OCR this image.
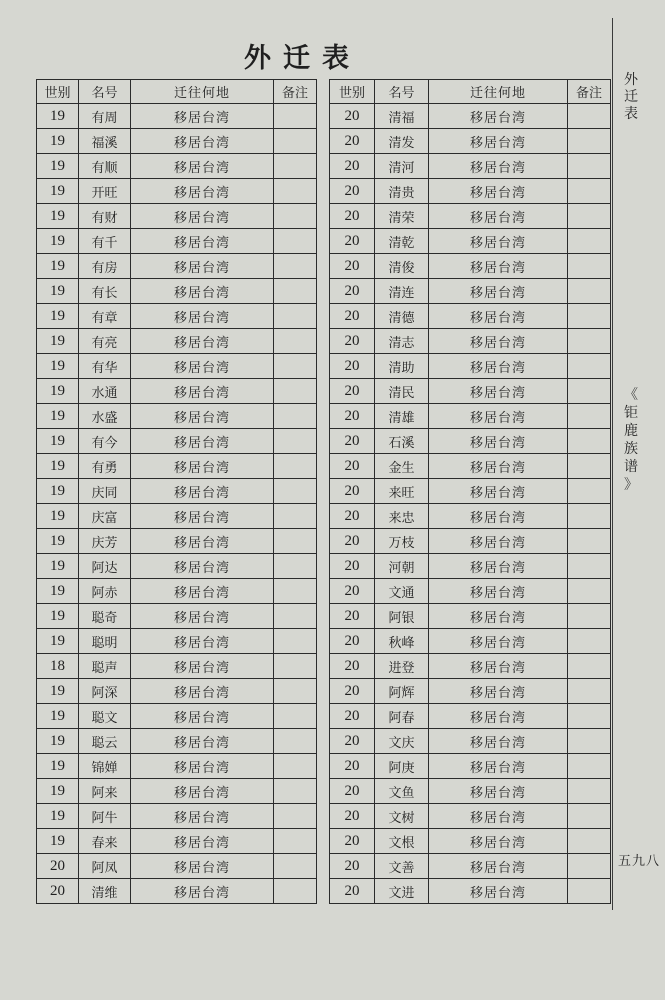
外迁表
世别	名号	迁往何地	备注
19	有周	移居台湾	
19	福溪	移居台湾	
19	有顺	移居台湾	
19	开旺	移居台湾	
19	有财	移居台湾	
19	有千	移居台湾	
19	有房	移居台湾	
19	有长	移居台湾	
19	有章	移居台湾	
19	有亮	移居台湾	
19	有华	移居台湾	
19	水通	移居台湾	
19	水盛	移居台湾	
19	有今	移居台湾	
19	有勇	移居台湾	
19	庆同	移居台湾	
19	庆富	移居台湾	
19	庆芳	移居台湾	
19	阿达	移居台湾	
19	阿赤	移居台湾	
19	聪奇	移居台湾	
19	聪明	移居台湾	
18	聪声	移居台湾	
19	阿深	移居台湾	
19	聪文	移居台湾	
19	聪云	移居台湾	
19	锦婵	移居台湾	
19	阿来	移居台湾	
19	阿牛	移居台湾	
19	春来	移居台湾	
20	阿凤	移居台湾	
20	清维	移居台湾	
世别	名号	迁往何地	备注
20	清福	移居台湾	
20	清发	移居台湾	
20	清河	移居台湾	
20	清贵	移居台湾	
20	清荣	移居台湾	
20	清乾	移居台湾	
20	清俊	移居台湾	
20	清连	移居台湾	
20	清德	移居台湾	
20	清志	移居台湾	
20	清助	移居台湾	
20	清民	移居台湾	
20	清雄	移居台湾	
20	石溪	移居台湾	
20	金生	移居台湾	
20	来旺	移居台湾	
20	来忠	移居台湾	
20	万枝	移居台湾	
20	河朝	移居台湾	
20	文通	移居台湾	
20	阿银	移居台湾	
20	秋峰	移居台湾	
20	进登	移居台湾	
20	阿辉	移居台湾	
20	阿春	移居台湾	
20	文庆	移居台湾	
20	阿庚	移居台湾	
20	文鱼	移居台湾	
20	文树	移居台湾	
20	文根	移居台湾	
20	文善	移居台湾	
20	文进	移居台湾	
外
迁
表
《
钜
鹿
族
谱
》
五九八
